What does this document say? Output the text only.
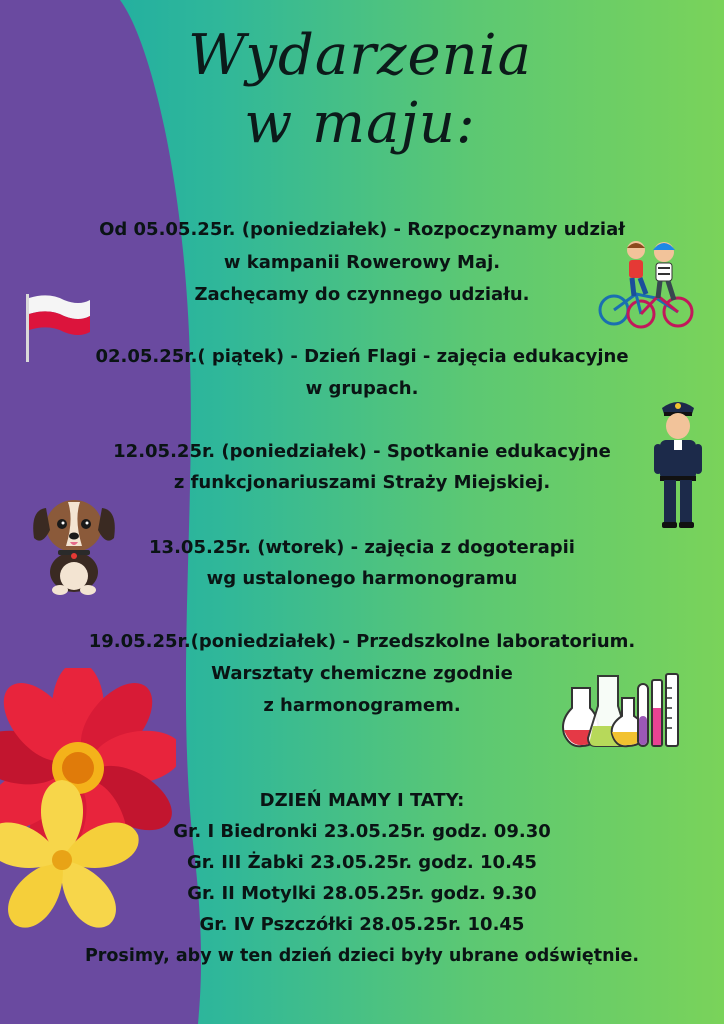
Wydarzenia
w maju:
Od 05.05.25r. (poniedziałek) - Rozpoczynamy udział
w kampanii Rowerowy Maj.
Zachęcamy do czynnego udziału.
02.05.25r.( piątek) - Dzień Flagi - zajęcia edukacyjne
w grupach.
12.05.25r. (poniedziałek) - Spotkanie edukacyjne
z funkcjonariuszami Straży Miejskiej.
13.05.25r. (wtorek) - zajęcia z dogoterapii
wg ustalonego harmonogramu
19.05.25r.(poniedziałek) - Przedszkolne laboratorium.
Warsztaty chemiczne zgodnie
z harmonogramem.
DZIEŃ MAMY I TATY:
Gr. I Biedronki 23.05.25r. godz. 09.30
Gr. III Żabki 23.05.25r. godz. 10.45
Gr. II Motylki 28.05.25r. godz. 9.30
Gr. IV Pszczółki 28.05.25r. 10.45
Prosimy, aby w ten dzień dzieci były ubrane odświętnie.
